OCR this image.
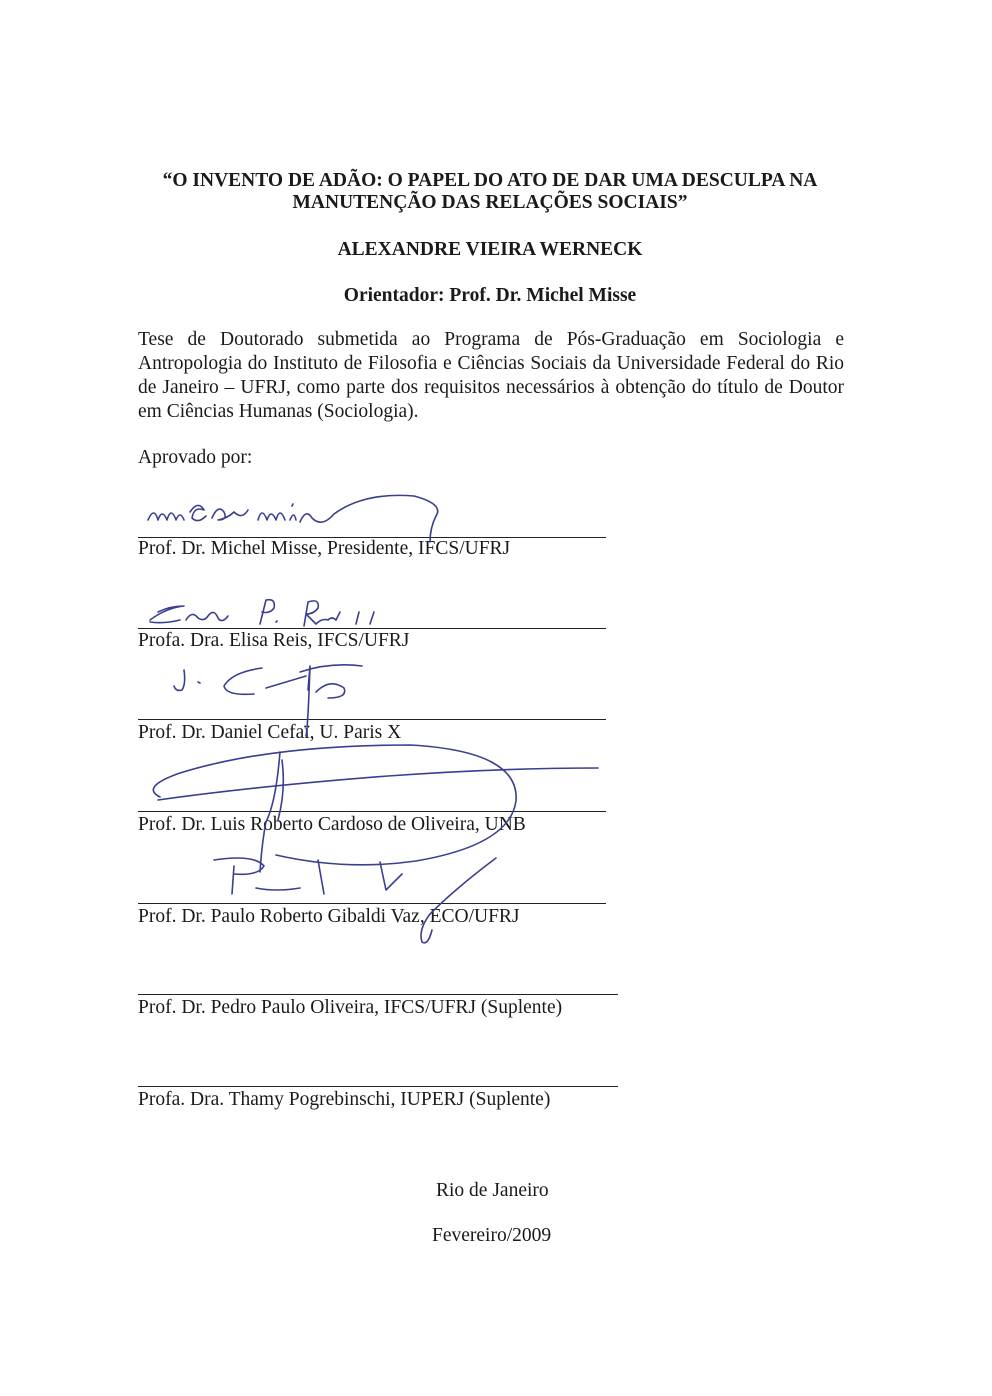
“O INVENTO DE ADÃO: O PAPEL DO ATO DE DAR UMA DESCULPA NA
MANUTENÇÃO DAS RELAÇÕES SOCIAIS”
ALEXANDRE VIEIRA WERNECK
Orientador: Prof. Dr. Michel Misse
Tese de Doutorado submetida ao Programa de Pós-Graduação em Sociologia e Antropologia do Instituto de Filosofia e Ciências Sociais da Universidade Federal do Rio de Janeiro – UFRJ, como parte dos requisitos necessários à obtenção do título de Doutor em Ciências Humanas (Sociologia).
Aprovado por:
Prof. Dr. Michel Misse, Presidente, IFCS/UFRJ
Profa. Dra. Elisa Reis, IFCS/UFRJ
Prof. Dr. Daniel Cefaï, U. Paris X
Prof. Dr. Luis Roberto Cardoso de Oliveira, UNB
Prof. Dr. Paulo Roberto Gibaldi Vaz, ECO/UFRJ
Prof. Dr. Pedro Paulo Oliveira, IFCS/UFRJ (Suplente)
Profa. Dra. Thamy Pogrebinschi, IUPERJ (Suplente)
Rio de Janeiro
Fevereiro/2009
